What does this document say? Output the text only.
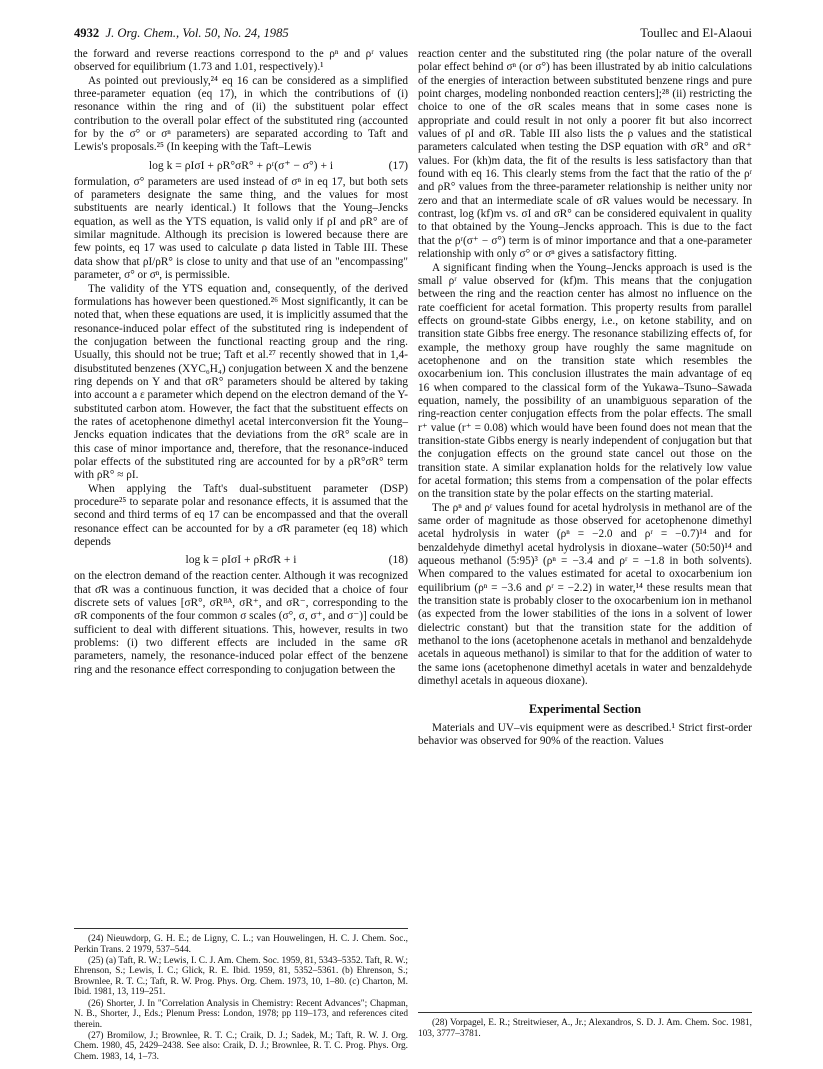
4932 J. Org. Chem., Vol. 50, No. 24, 1985	Toullec and El-Alaoui

the forward and reverse reactions correspond to the ρⁿ and ρʳ values observed for equilibrium (1.73 and 1.01, respectively).¹

As pointed out previously,²⁴ eq 16 can be considered as a simplified three-parameter equation (eq 17), in which the contributions of (i) resonance within the ring and of (ii) the substituent polar effect contribution to the overall polar effect of the substituted ring (accounted for by the σ° or σⁿ parameters) are separated according to Taft and Lewis's proposals.²⁵ (In keeping with the Taft–Lewis

log k = ρIσI + ρR°σR° + ρʳ(σ⁺ − σ°) + i	(17)

formulation, σ° parameters are used instead of σⁿ in eq 17, but both sets of parameters designate the same thing, and the values for most substituents are nearly identical.) It follows that the Young–Jencks equation, as well as the YTS equation, is valid only if ρI and ρR° are of similar magnitude. Although its precision is lowered because there are few points, eq 17 was used to calculate ρ data listed in Table III. These data show that ρI/ρR° is close to unity and that use of an "encompassing" parameter, σ° or σⁿ, is permissible.

The validity of the YTS equation and, consequently, of the derived formulations has however been questioned.²⁶ Most significantly, it can be noted that, when these equations are used, it is implicitly assumed that the resonance-induced polar effect of the substituted ring is independent of the conjugation between the functional reacting group and the ring. Usually, this should not be true; Taft et al.²⁷ recently showed that in 1,4-disubstituted benzenes (XYC₆H₄) conjugation between X and the benzene ring depends on Y and that σR° parameters should be altered by taking into account a ε parameter which depend on the electron demand of the Y-substituted carbon atom. However, the fact that the substituent effects on the rates of acetophenone dimethyl acetal interconversion fit the Young–Jencks equation indicates that the deviations from the σR° scale are in this case of minor importance and, therefore, that the resonance-induced polar effects of the substituted ring are accounted for by a ρR°σR° term with ρR° ≈ ρI.

When applying the Taft's dual-substituent parameter (DSP) procedure²⁵ to separate polar and resonance effects, it is assumed that the second and third terms of eq 17 can be encompassed and that the overall resonance effect can be accounted for by a σ̄R parameter (eq 18) which depends

log k = ρIσI + ρRσ̄R + i	(18)

on the electron demand of the reaction center. Although it was recognized that σ̄R was a continuous function, it was decided that a choice of four discrete sets of values [σR°, σRᴮᴬ, σR⁺, and σR⁻, corresponding to the σR components of the four common σ scales (σ°, σ, σ⁺, and σ⁻)] could be sufficient to deal with different situations. This, however, results in two problems: (i) two different effects are included in the same σR parameters, namely, the resonance-induced polar effect of the benzene ring and the resonance effect corresponding to conjugation between the

reaction center and the substituted ring (the polar nature of the overall polar effect behind σⁿ (or σ°) has been illustrated by ab initio calculations of the energies of interaction between substituted benzene rings and pure point charges, modeling nonbonded reaction centers];²⁸ (ii) restricting the choice to one of the σR scales means that in some cases none is appropriate and could result in not only a poorer fit but also incorrect values of ρI and σR. Table III also lists the ρ values and the statistical parameters calculated when testing the DSP equation with σR° and σR⁺ values. For (kh)m data, the fit of the results is less satisfactory than that found with eq 16. This clearly stems from the fact that the ratio of the ρʳ and ρR° values from the three-parameter relationship is neither unity nor zero and that an intermediate scale of σR values would be necessary. In contrast, log (kf)m vs. σI and σR° can be considered equivalent in quality to that obtained by the Young–Jencks approach. This is due to the fact that the ρʳ(σ⁺ − σ°) term is of minor importance and that a one-parameter relationship with only σ° or σⁿ gives a satisfactory fitting.

A significant finding when the Young–Jencks approach is used is the small ρʳ value observed for (kf)m. This means that the conjugation between the ring and the reaction center has almost no influence on the rate coefficient for acetal formation. This property results from parallel effects on ground-state Gibbs energy, i.e., on ketone stability, and on transition state Gibbs free energy. The resonance stabilizing effects of, for example, the methoxy group have roughly the same magnitude on acetophenone and on the transition state which resembles the oxocarbenium ion. This conclusion illustrates the main advantage of eq 16 when compared to the classical form of the Yukawa–Tsuno–Sawada equation, namely, the possibility of an unambiguous separation of the ring-reaction center conjugation effects from the polar effects. The small r⁺ value (r⁺ = 0.08) which would have been found does not mean that the transition-state Gibbs energy is nearly independent of conjugation but that the conjugation effects on the ground state cancel out those on the transition state. A similar explanation holds for the relatively low value for acetal formation; this stems from a compensation of the polar effects on the transition state by the polar effects on the starting material.

The ρⁿ and ρʳ values found for acetal hydrolysis in methanol are of the same order of magnitude as those observed for acetophenone dimethyl acetal hydrolysis in water (ρⁿ = −2.0 and ρʳ = −0.7)¹⁴ and for benzaldehyde dimethyl acetal hydrolysis in dioxane–water (50:50)¹⁴ and aqueous methanol (5:95)³ (ρⁿ = −3.4 and ρʳ = −1.8 in both solvents). When compared to the values estimated for acetal to oxocarbenium ion equilibrium (ρⁿ = −3.6 and ρʳ = −2.2) in water,¹⁴ these results mean that the transition state is probably closer to the oxocarbenium ion in methanol (as expected from the lower stabilities of the ions in a solvent of lower dielectric constant) but that the transition state for the addition of methanol to the ions (acetophenone acetals in methanol and benzaldehyde acetals in aqueous methanol) is similar to that for the addition of water to the same ions (acetophenone dimethyl acetals in water and benzaldehyde dimethyl acetals in aqueous dioxane).

Experimental Section

Materials and UV–vis equipment were as described.¹ Strict first-order behavior was observed for 90% of the reaction. Values

(24) Nieuwdorp, G. H. E.; de Ligny, C. L.; van Houwelingen, H. C. J. Chem. Soc., Perkin Trans. 2 1979, 537–544.

(25) (a) Taft, R. W.; Lewis, I. C. J. Am. Chem. Soc. 1959, 81, 5343–5352. Taft, R. W.; Ehrenson, S.; Lewis, I. C.; Glick, R. E. Ibid. 1959, 81, 5352–5361. (b) Ehrenson, S.; Brownlee, R. T. C.; Taft, R. W. Prog. Phys. Org. Chem. 1973, 10, 1–80. (c) Charton, M. Ibid. 1981, 13, 119–251.

(26) Shorter, J. In "Correlation Analysis in Chemistry: Recent Advances"; Chapman, N. B., Shorter, J., Eds.; Plenum Press: London, 1978; pp 119–173, and references cited therein.

(27) Bromilow, J.; Brownlee, R. T. C.; Craik, D. J.; Sadek, M.; Taft, R. W. J. Org. Chem. 1980, 45, 2429–2438. See also: Craik, D. J.; Brownlee, R. T. C. Prog. Phys. Org. Chem. 1983, 14, 1–73.

(28) Vorpagel, E. R.; Streitwieser, A., Jr.; Alexandros, S. D. J. Am. Chem. Soc. 1981, 103, 3777–3781.
